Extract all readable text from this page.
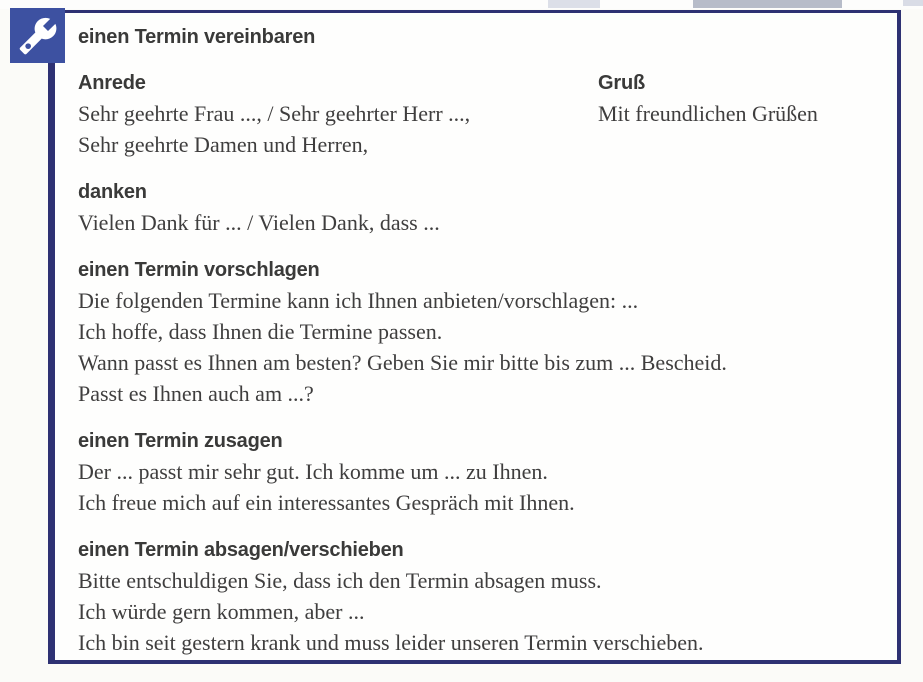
einen Termin vereinbaren
Anrede
Sehr geehrte Frau ..., / Sehr geehrter Herr ...,
Sehr geehrte Damen und Herren,
Gruß
Mit freundlichen Grüßen
danken
Vielen Dank für ... / Vielen Dank, dass ...
einen Termin vorschlagen
Die folgenden Termine kann ich Ihnen anbieten/vorschlagen: ...
Ich hoffe, dass Ihnen die Termine passen.
Wann passt es Ihnen am besten? Geben Sie mir bitte bis zum ... Bescheid.
Passt es Ihnen auch am ...?
einen Termin zusagen
Der ... passt mir sehr gut. Ich komme um ... zu Ihnen.
Ich freue mich auf ein interessantes Gespräch mit Ihnen.
einen Termin absagen/verschieben
Bitte entschuldigen Sie, dass ich den Termin absagen muss.
Ich würde gern kommen, aber ...
Ich bin seit gestern krank und muss leider unseren Termin verschieben.
